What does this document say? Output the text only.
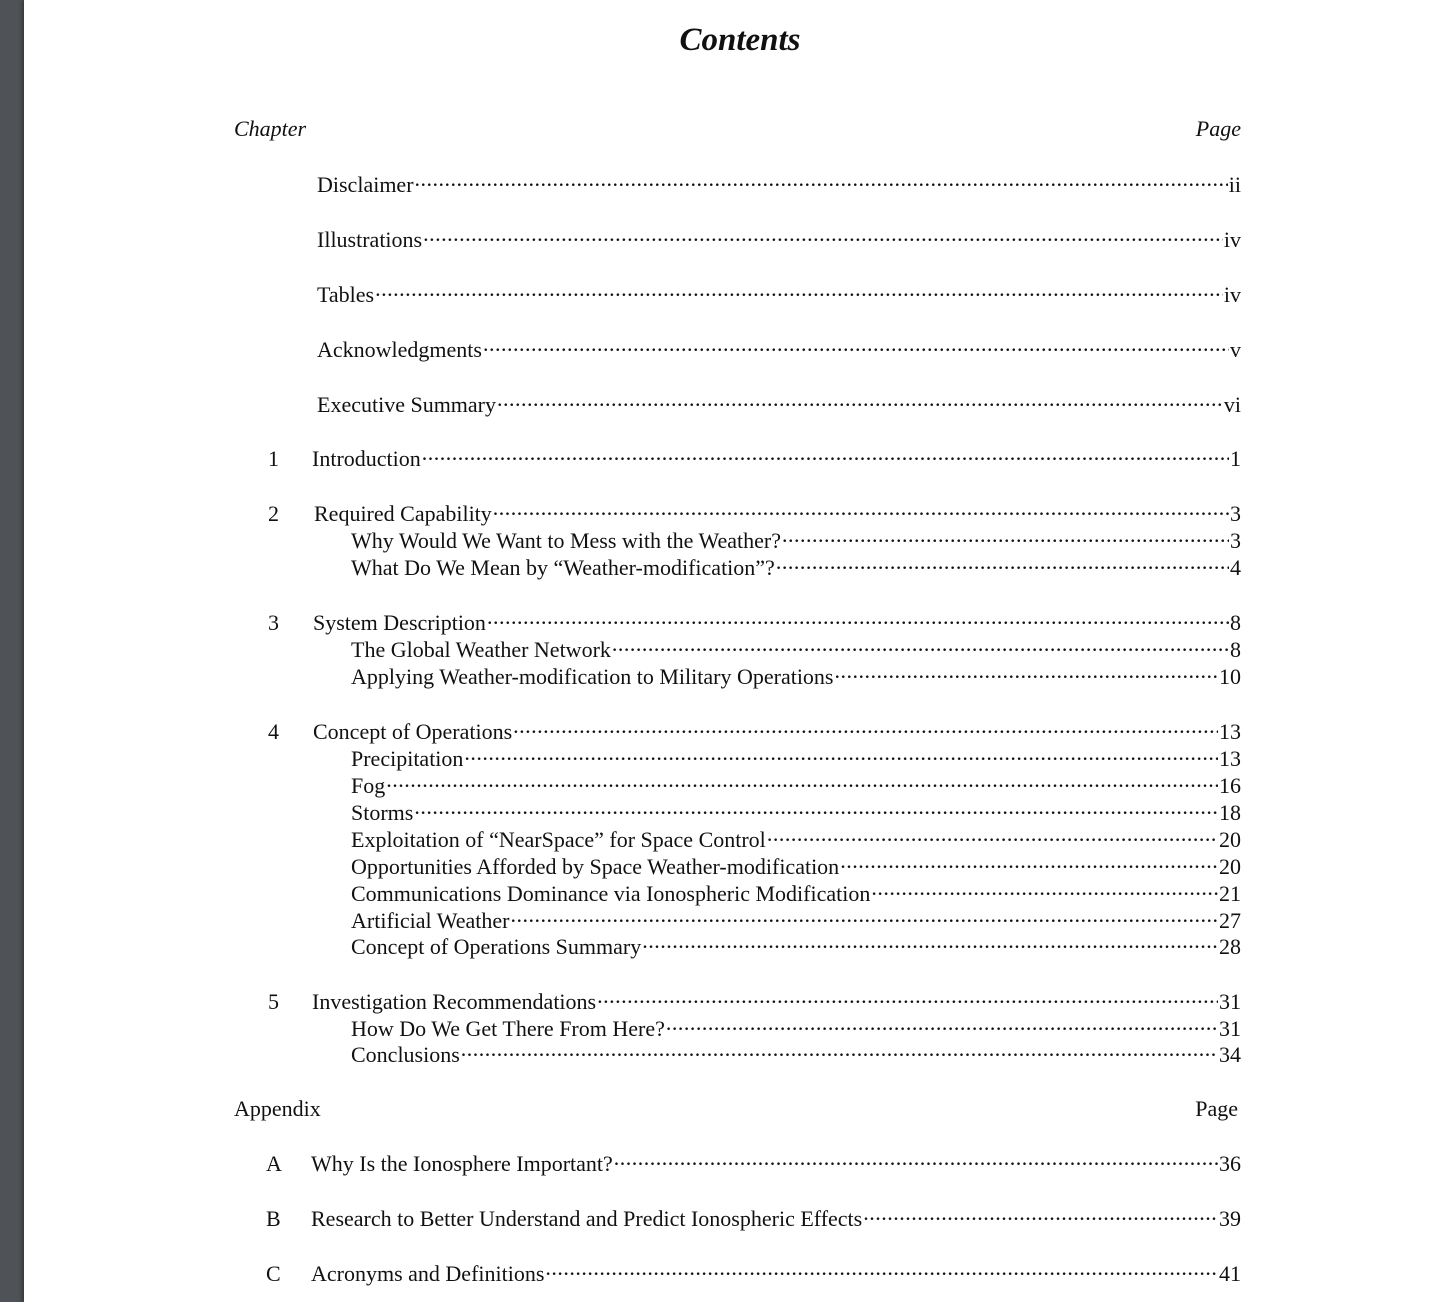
Contents
Chapter	Page
Disclaimer .....	ii
Illustrations .....	iv
Tables .....	iv
Acknowledgments .....	v
Executive Summary .....	vi
1	Introduction .....	1
2	Required Capability .....	3
Why Would We Want to Mess with the Weather? .....	3
What Do We Mean by “Weather-modification”? .....	4
3	System Description .....	8
The Global Weather Network .....	8
Applying Weather-modification to Military Operations .....	10
4	Concept of Operations .....	13
Precipitation .....	13
Fog .....	16
Storms .....	18
Exploitation of “NearSpace” for Space Control .....	20
Opportunities Afforded by Space Weather-modification .....	20
Communications Dominance via Ionospheric Modification .....	21
Artificial Weather .....	27
Concept of Operations Summary .....	28
5	Investigation Recommendations .....	31
How Do We Get There From Here? .....	31
Conclusions .....	34
Appendix	Page
A Why Is the Ionosphere Important? .....	36
B Research to Better Understand and Predict Ionospheric Effects .....	39
C Acronyms and Definitions .....	41
